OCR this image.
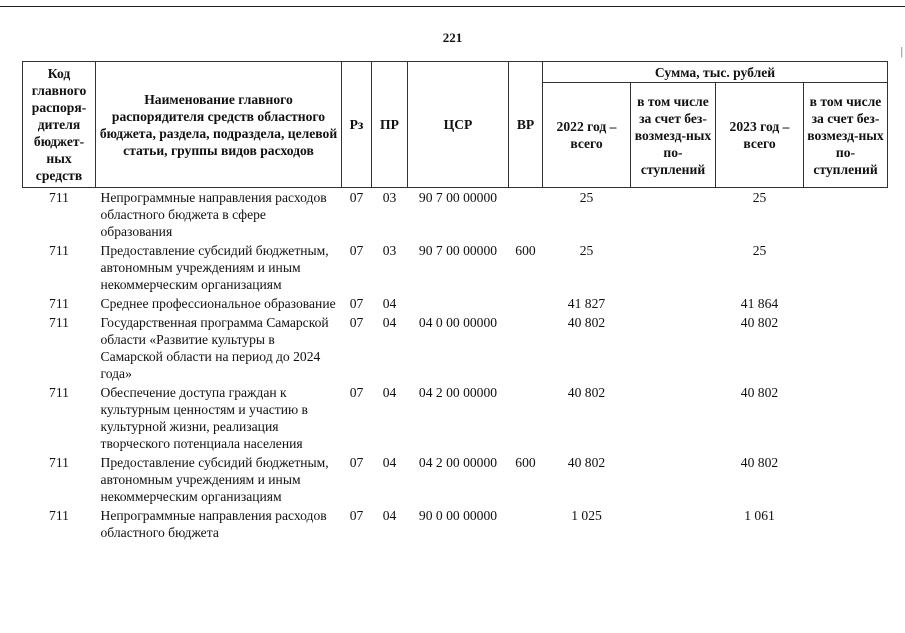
|
221
Код главного распоря-дителя бюджет-ных средств	Наименование главного распорядителя средств областного бюджета, раздела, подраздела, целевой статьи, группы видов расходов	Рз	ПР	ЦСР	ВР	Сумма, тыс. рублей			
						2022 год – всего	в том числе за счет без-возмезд-ных по-ступлений	2023 год – всего	в том числе за счет без-возмезд-ных по-ступлений
711	Непрограммные направления расходов областного бюджета в сфере образования	07	03	90 7 00 00000		25		25	
711	Предоставление субсидий бюджетным, автономным учреждениям и иным некоммерческим организациям	07	03	90 7 00 00000	600	25		25	
711	Среднее профессиональное образование	07	04			41 827		41 864	
711	Государственная программа Самарской области «Развитие культуры в Самарской области на период до 2024 года»	07	04	04 0 00 00000		40 802		40 802	
711	Обеспечение доступа граждан к культурным ценностям и участию в культурной жизни, реализация творческого потенциала населения	07	04	04 2 00 00000		40 802		40 802	
711	Предоставление субсидий бюджетным, автономным учреждениям и иным некоммерческим организациям	07	04	04 2 00 00000	600	40 802		40 802	
711	Непрограммные направления расходов областного бюджета	07	04	90 0 00 00000		1 025		1 061	
